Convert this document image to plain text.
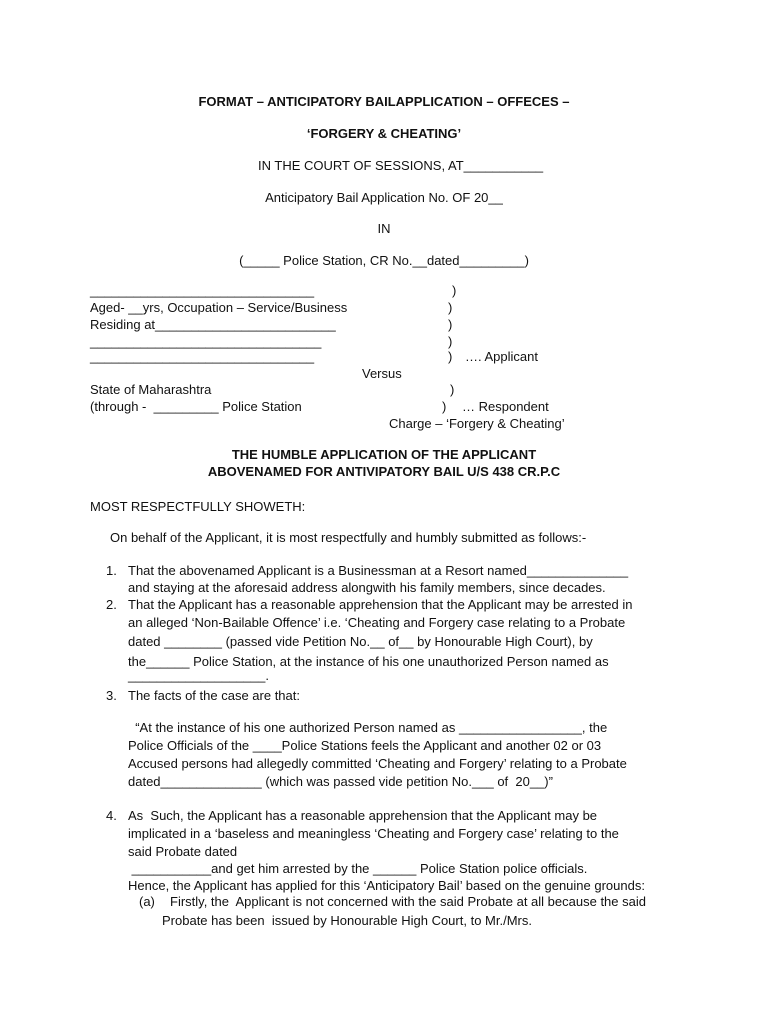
FORMAT – ANTICIPATORY BAILAPPLICATION – OFFECES –
‘FORGERY & CHEATING’
IN THE COURT OF SESSIONS, AT___________
Anticipatory Bail Application No. OF 20__
IN
(_____ Police Station, CR No.__dated_________)
_______________________________
Aged- __yrs, Occupation – Service/Business
Residing at_________________________
________________________________
_______________________________
)
)
)
)
) …. Applicant
Versus
State of Maharashtra
(through -  _________ Police Station
)
) … Respondent
Charge – ‘Forgery & Cheating’
THE HUMBLE APPLICATION OF THE APPLICANT
ABOVENAMED FOR ANTIVIPATORY BAIL U/S 438 CR.P.C
MOST RESPECTFULLY SHOWETH:
On behalf of the Applicant, it is most respectfully and humbly submitted as follows:-
1. That the abovenamed Applicant is a Businessman at a Resort named______________
and staying at the aforesaid address alongwith his family members, since decades.
2. That the Applicant has a reasonable apprehension that the Applicant may be arrested in
an alleged ‘Non-Bailable Offence’ i.e. ‘Cheating and Forgery case relating to a Probate
dated ________ (passed vide Petition No.__ of__ by Honourable High Court), by
the______ Police Station, at the instance of his one unauthorized Person named as
___________________.
3. The facts of the case are that:
“At the instance of his one authorized Person named as _________________, the
Police Officials of the ____Police Stations feels the Applicant and another 02 or 03
Accused persons had allegedly committed ‘Cheating and Forgery’ relating to a Probate
dated______________ (which was passed vide petition No.___ of  20__)”
4. As  Such, the Applicant has a reasonable apprehension that the Applicant may be
implicated in a ‘baseless and meaningless ‘Cheating and Forgery case’ relating to the
said Probate dated
___________and get him arrested by the ______ Police Station police officials.
Hence, the Applicant has applied for this ‘Anticipatory Bail’ based on the genuine grounds:
(a) Firstly, the  Applicant is not concerned with the said Probate at all because the said
Probate has been  issued by Honourable High Court, to Mr./Mrs.
